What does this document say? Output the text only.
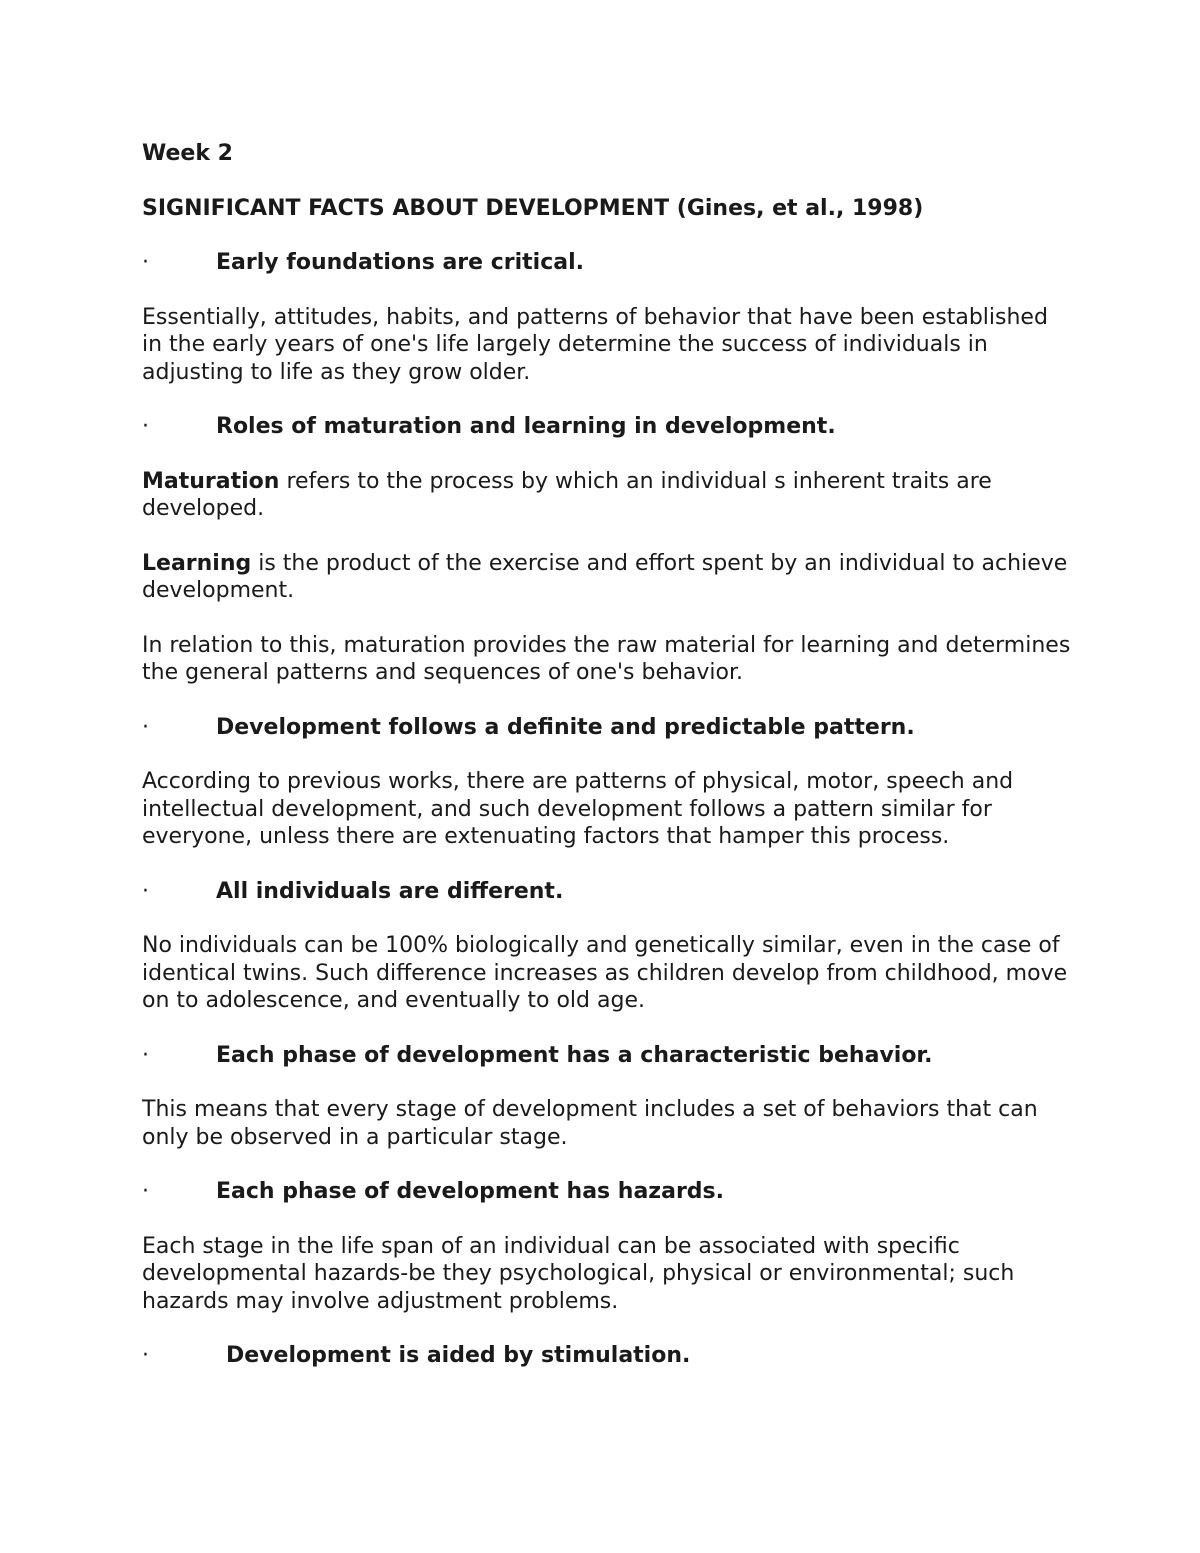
Week 2
SIGNIFICANT FACTS ABOUT DEVELOPMENT (Gines, et al., 1998)
·	Early foundations are critical.
Essentially, attitudes, habits, and patterns of behavior that have been established in the early years of one's life largely determine the success of individuals in adjusting to life as they grow older.
·	Roles of maturation and learning in development.
Maturation refers to the process by which an individual s inherent traits are developed.
Learning is the product of the exercise and effort spent by an individual to achieve development.
In relation to this, maturation provides the raw material for learning and determines the general patterns and sequences of one's behavior.
·	Development follows a definite and predictable pattern.
According to previous works, there are patterns of physical, motor, speech and intellectual development, and such development follows a pattern similar for everyone, unless there are extenuating factors that hamper this process.
·	All individuals are different.
No individuals can be 100% biologically and genetically similar, even in the case of identical twins. Such difference increases as children develop from childhood, move on to adolescence, and eventually to old age.
·	Each phase of development has a characteristic behavior.
This means that every stage of development includes a set of behaviors that can only be observed in a particular stage.
·	Each phase of development has hazards.
Each stage in the life span of an individual can be associated with specific developmental hazards-be they psychological, physical or environmental; such hazards may involve adjustment problems.
·	Development is aided by stimulation.
